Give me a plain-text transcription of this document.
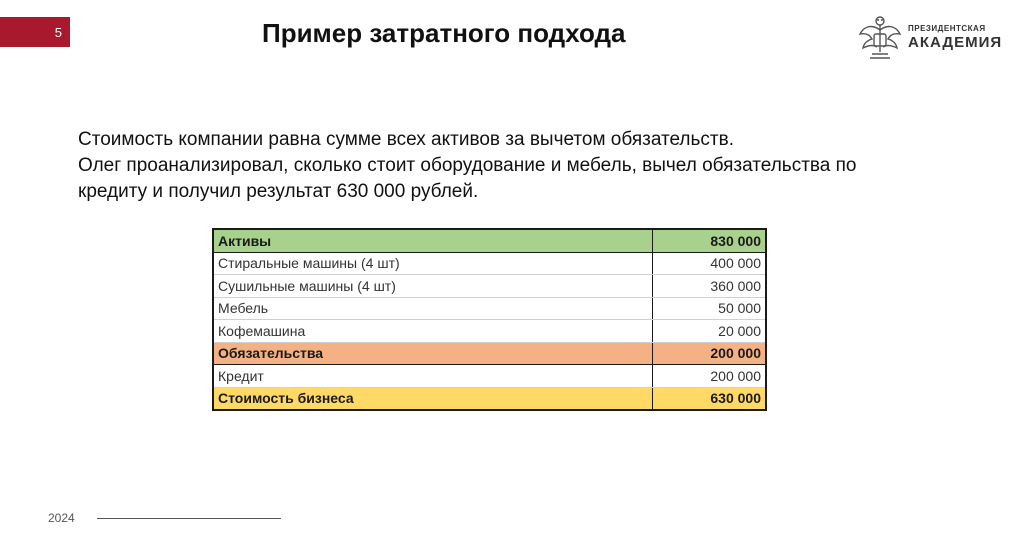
5	Пример затратного подхода	ПРЕЗИДЕНТСКАЯ
АКАДЕМИЯ
Стоимость компании равна сумме всех активов за вычетом обязательств.
Олег проанализировал, сколько стоит оборудование и мебель, вычел обязательства по
кредиту и получил результат 630 000 рублей.
Активы	830 000
Стиральные машины (4 шт)	400 000
Сушильные машины (4 шт)	360 000
Мебель	50 000
Кофемашина	20 000
Обязательства	200 000
Кредит	200 000
Стоимость бизнеса	630 000
2024
